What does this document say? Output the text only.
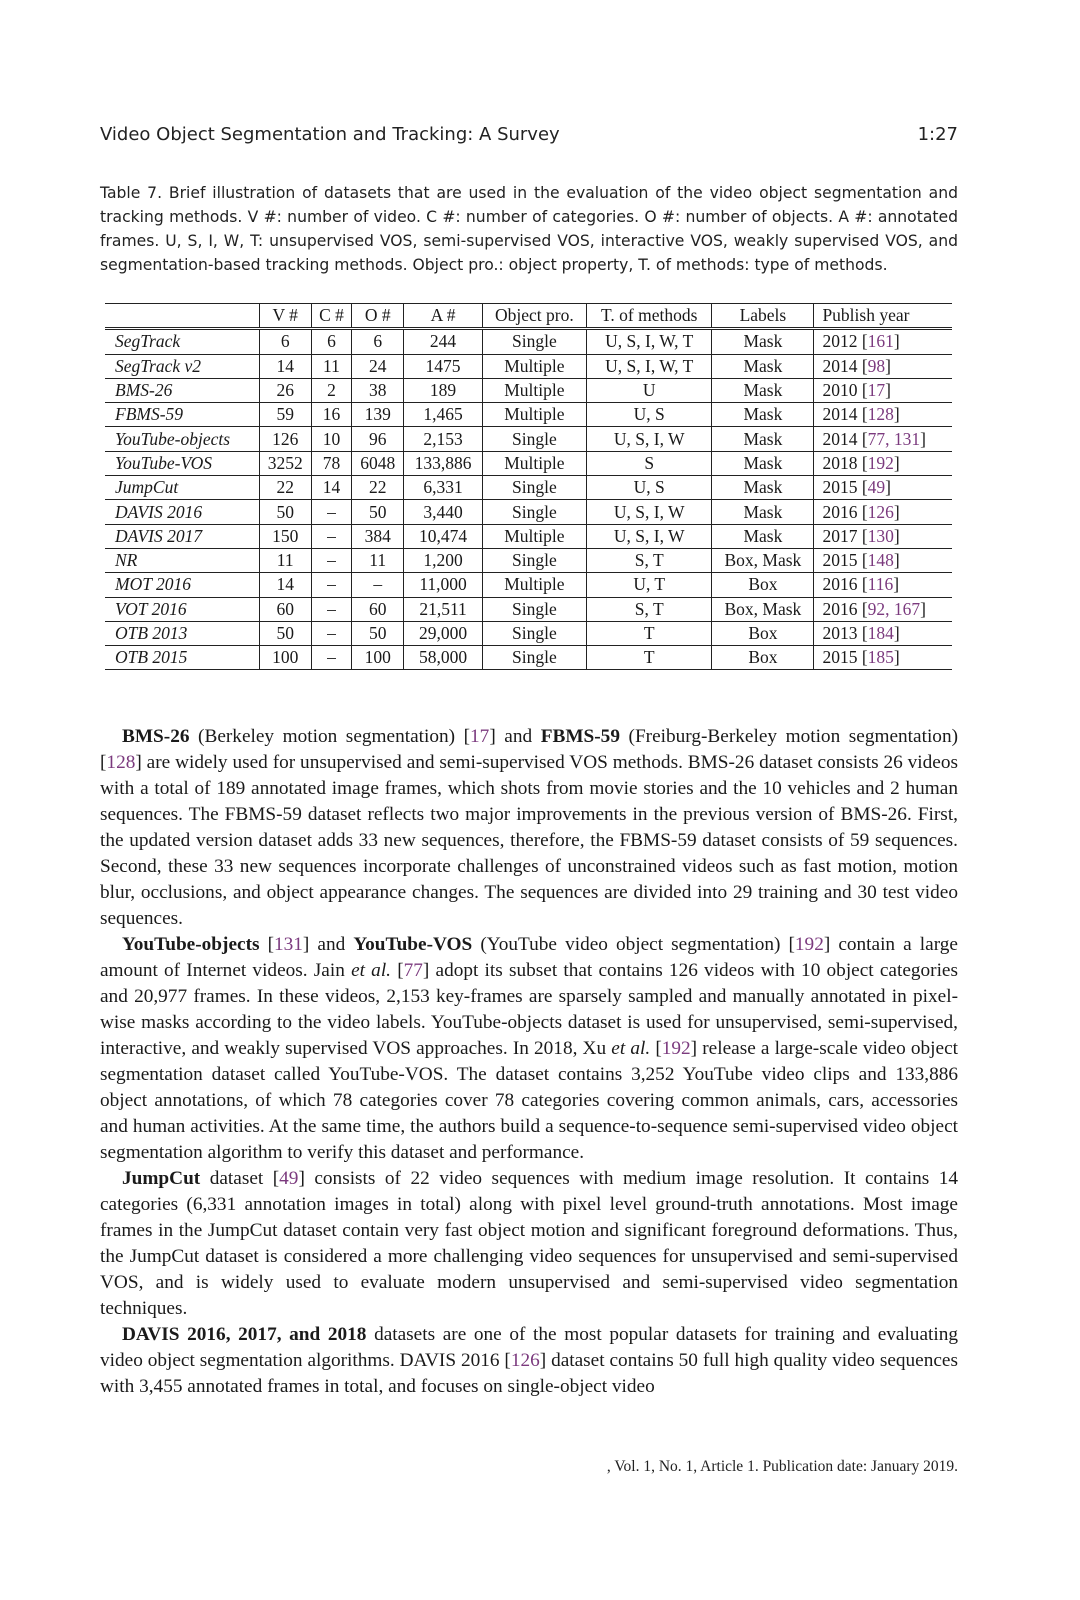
Video Object Segmentation and Tracking: A Survey	1:27
Table 7. Brief illustration of datasets that are used in the evaluation of the video object segmentation and tracking methods. V #: number of video. C #: number of categories. O #: number of objects. A #: annotated frames. U, S, I, W, T: unsupervised VOS, semi-supervised VOS, interactive VOS, weakly supervised VOS, and segmentation-based tracking methods. Object pro.: object property, T. of methods: type of methods.
	V #	C #	O #	A #	Object pro.	T. of methods	Labels	Publish year
SegTrack	6	6	6	244	Single	U, S, I, W, T	Mask	2012 [161]
SegTrack v2	14	11	24	1475	Multiple	U, S, I, W, T	Mask	2014 [98]
BMS-26	26	2	38	189	Multiple	U	Mask	2010 [17]
FBMS-59	59	16	139	1,465	Multiple	U, S	Mask	2014 [128]
YouTube-objects	126	10	96	2,153	Single	U, S, I, W	Mask	2014 [77, 131]
YouTube-VOS	3252	78	6048	133,886	Multiple	S	Mask	2018 [192]
JumpCut	22	14	22	6,331	Single	U, S	Mask	2015 [49]
DAVIS 2016	50	–	50	3,440	Single	U, S, I, W	Mask	2016 [126]
DAVIS 2017	150	–	384	10,474	Multiple	U, S, I, W	Mask	2017 [130]
NR	11	–	11	1,200	Single	S, T	Box, Mask	2015 [148]
MOT 2016	14	–	–	11,000	Multiple	U, T	Box	2016 [116]
VOT 2016	60	–	60	21,511	Single	S, T	Box, Mask	2016 [92, 167]
OTB 2013	50	–	50	29,000	Single	T	Box	2013 [184]
OTB 2015	100	–	100	58,000	Single	T	Box	2015 [185]

BMS-26 (Berkeley motion segmentation) [17] and FBMS-59 (Freiburg-Berkeley motion segmentation) [128] are widely used for unsupervised and semi-supervised VOS methods. BMS-26 dataset consists 26 videos with a total of 189 annotated image frames, which shots from movie stories and the 10 vehicles and 2 human sequences. The FBMS-59 dataset reflects two major improvements in the previous version of BMS-26. First, the updated version dataset adds 33 new sequences, therefore, the FBMS-59 dataset consists of 59 sequences. Second, these 33 new sequences incorporate challenges of unconstrained videos such as fast motion, motion blur, occlusions, and object appearance changes. The sequences are divided into 29 training and 30 test video sequences.

YouTube-objects [131] and YouTube-VOS (YouTube video object segmentation) [192] contain a large amount of Internet videos. Jain et al. [77] adopt its subset that contains 126 videos with 10 object categories and 20,977 frames. In these videos, 2,153 key-frames are sparsely sampled and manually annotated in pixel-wise masks according to the video labels. YouTube-objects dataset is used for unsupervised, semi-supervised, interactive, and weakly supervised VOS approaches. In 2018, Xu et al. [192] release a large-scale video object segmentation dataset called YouTube-VOS. The dataset contains 3,252 YouTube video clips and 133,886 object annotations, of which 78 categories cover 78 categories covering common animals, cars, accessories and human activities. At the same time, the authors build a sequence-to-sequence semi-supervised video object segmentation algorithm to verify this dataset and performance.

JumpCut dataset [49] consists of 22 video sequences with medium image resolution. It contains 14 categories (6,331 annotation images in total) along with pixel level ground-truth annotations. Most image frames in the JumpCut dataset contain very fast object motion and significant foreground deformations. Thus, the JumpCut dataset is considered a more challenging video sequences for unsupervised and semi-supervised VOS, and is widely used to evaluate modern unsupervised and semi-supervised video segmentation techniques.

DAVIS 2016, 2017, and 2018 datasets are one of the most popular datasets for training and evaluating video object segmentation algorithms. DAVIS 2016 [126] dataset contains 50 full high quality video sequences with 3,455 annotated frames in total, and focuses on single-object video

, Vol. 1, No. 1, Article 1. Publication date: January 2019.
